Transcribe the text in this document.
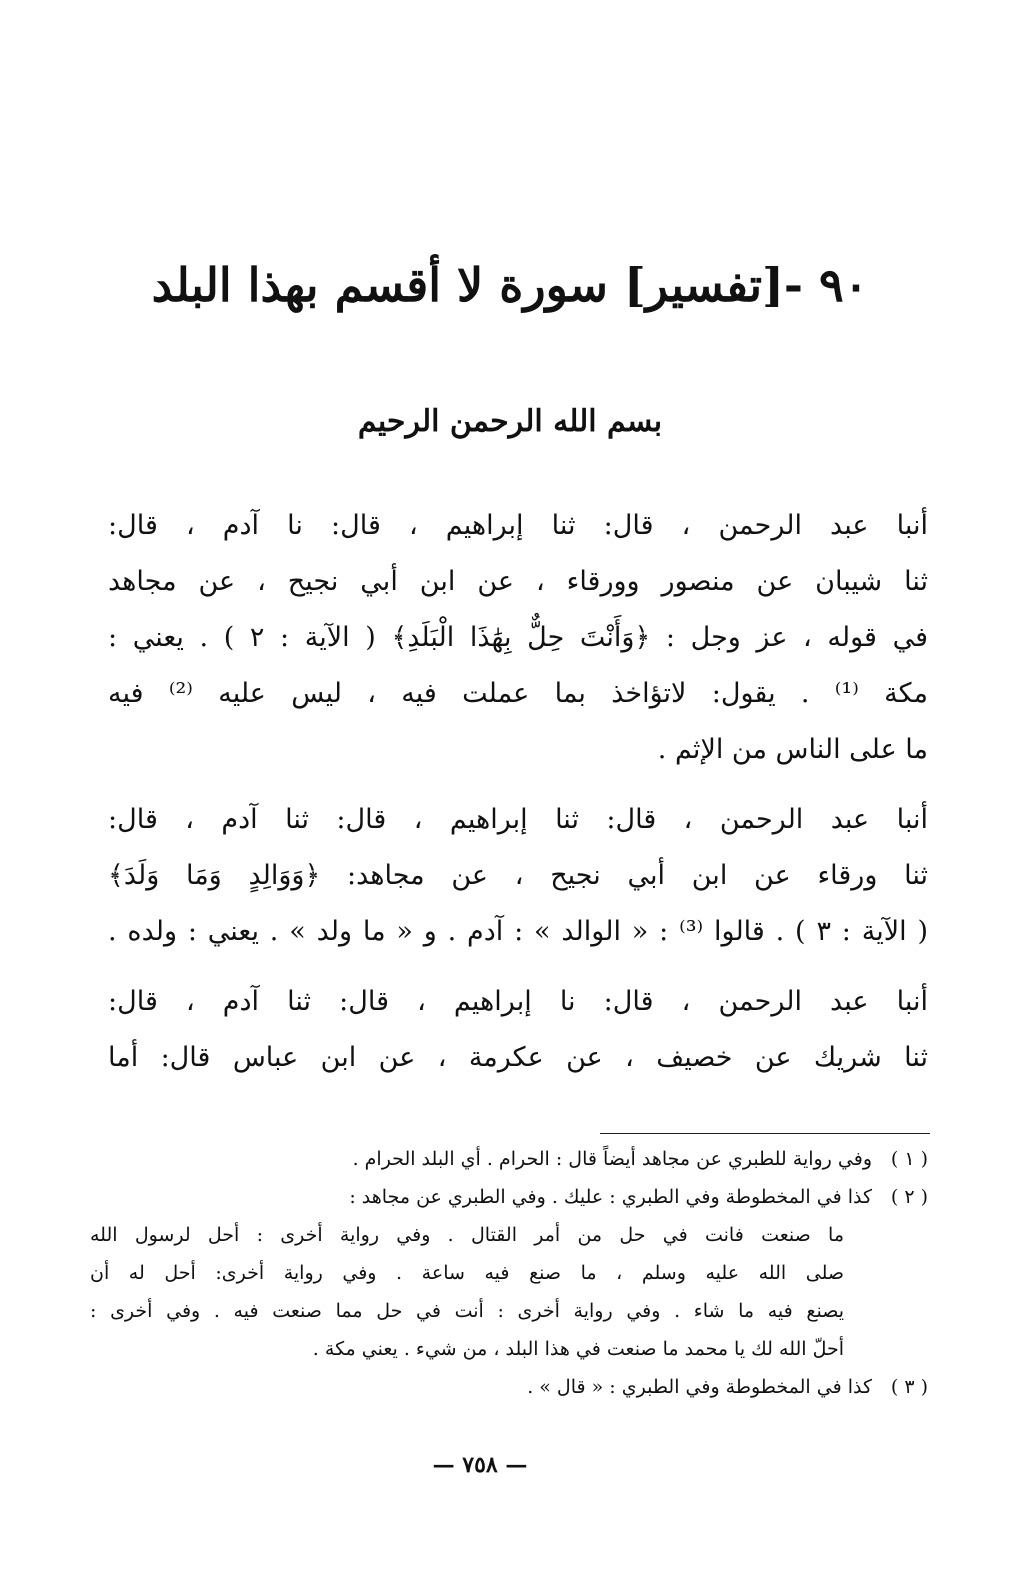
٩٠ -[تفسير] سورة لا أقسم بهذا البلد
بسم الله الرحمن الرحيم
أنبا عبد الرحمن ، قال: ثنا إبراهيم ، قال: نا آدم ، قال:
ثنا شيبان عن منصور وورقاء ، عن ابن أبي نجيح ، عن مجاهد
في قوله ، عز وجل : ﴿وَأَنْتَ حِلٌّ بِهَٰذَا الْبَلَدِ﴾ ( الآية : ٢ ) . يعني :
مكة ⁽¹⁾ . يقول: لاتؤاخذ بما عملت فيه ، ليس عليه ⁽²⁾ فيه
ما على الناس من الإثم .
أنبا عبد الرحمن ، قال: ثنا إبراهيم ، قال: ثنا آدم ، قال:
ثنا ورقاء عن ابن أبي نجيح ، عن مجاهد: ﴿وَوَالِدٍ وَمَا وَلَدَ﴾
( الآية : ٣ ) . قالوا ⁽³⁾ : « الوالد » : آدم . و « ما ولد » . يعني : ولده .
أنبا عبد الرحمن ، قال: نا إبراهيم ، قال: ثنا آدم ، قال:
ثنا شريك عن خصيف ، عن عكرمة ، عن ابن عباس قال: أما
( ١ )وفي رواية للطبري عن مجاهد أيضاً قال : الحرام . أي البلد الحرام .
( ٢ )كذا في المخطوطة وفي الطبري : عليك . وفي الطبري عن مجاهد :
ما صنعت فانت في حل من أمر القتال . وفي رواية أخرى : أحل لرسول الله
صلى الله عليه وسلم ، ما صنع فيه ساعة . وفي رواية أخرى: أحل له أن
يصنع فيه ما شاء . وفي رواية أخرى : أنت في حل مما صنعت فيه . وفي أخرى :
أحلّ الله لك يا محمد ما صنعت في هذا البلد ، من شيء . يعني مكة .
( ٣ )كذا في المخطوطة وفي الطبري : « قال » .
— ٧٥٨ —
